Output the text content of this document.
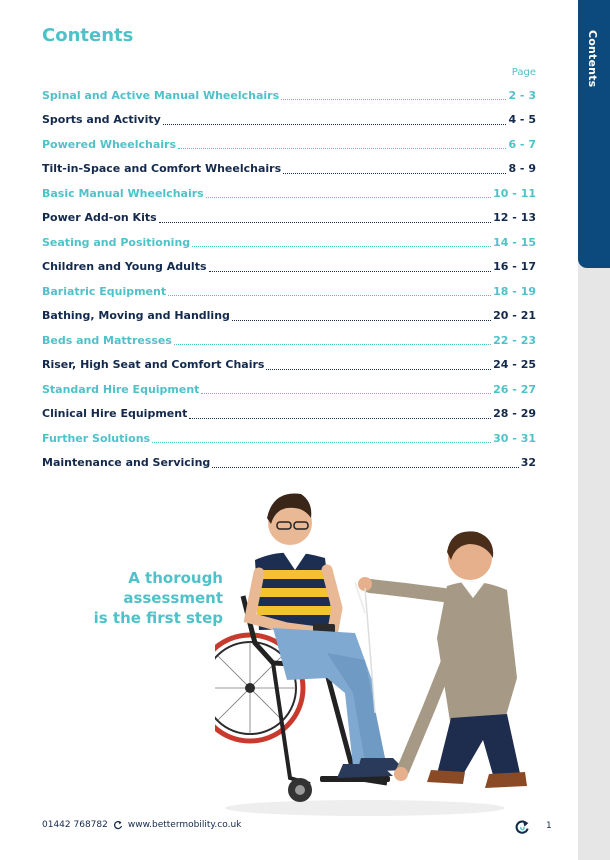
Contents
Contents
Page
Spinal and Active Manual Wheelchairs	2 - 3
Sports and Activity	4 - 5
Powered Wheelchairs	6 - 7
Tilt-in-Space and Comfort Wheelchairs	8 - 9
Basic Manual Wheelchairs	10 - 11
Power Add-on Kits	12 - 13
Seating and Positioning	14 - 15
Children and Young Adults	16 - 17
Bariatric Equipment	18 - 19
Bathing, Moving and Handling	20 - 21
Beds and Mattresses	22 - 23
Riser, High Seat and Comfort Chairs	24 - 25
Standard Hire Equipment	26 - 27
Clinical Hire Equipment	28 - 29
Further Solutions	30 - 31
Maintenance and Servicing	32

A thorough
assessment
is the first step

01442 768782 www.bettermobility.co.uk	1
